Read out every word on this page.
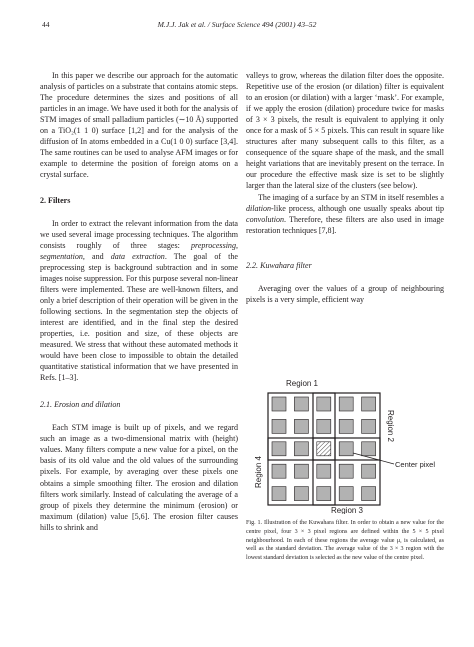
44	M.J.J. Jak et al. / Surface Science 494 (2001) 43–52

In this paper we describe our approach for the automatic analysis of particles on a substrate that contains atomic steps. The procedure determines the sizes and positions of all particles in an image. We have used it both for the analysis of STM images of small palladium particles (∼10 Å) supported on a TiO₂(1 1 0) surface [1,2] and for the analysis of the diffusion of In atoms embedded in a Cu(1 0 0) surface [3,4]. The same routines can be used to analyse AFM images or for example to determine the position of foreign atoms on a crystal surface.

2. Filters

In order to extract the relevant information from the data we used several image processing techniques. The algorithm consists roughly of three stages: preprocessing, segmentation, and data extraction. The goal of the preprocessing step is background subtraction and in some images noise suppression. For this purpose several non-linear filters were implemented. These are well-known filters, and only a brief description of their operation will be given in the following sections. In the segmentation step the objects of interest are identified, and in the final step the desired properties, i.e. position and size, of these objects are measured. We stress that without these automated methods it would have been close to impossible to obtain the detailed quantitative statistical information that we have presented in Refs. [1–3].

2.1. Erosion and dilation

Each STM image is built up of pixels, and we regard such an image as a two-dimensional matrix with (height) values. Many filters compute a new value for a pixel, on the basis of its old value and the old values of the surrounding pixels. For example, by averaging over these pixels one obtains a simple smoothing filter. The erosion and dilation filters work similarly. Instead of calculating the average of a group of pixels they determine the minimum (erosion) or maximum (dilation) value [5,6]. The erosion filter causes hills to shrink and

valleys to grow, whereas the dilation filter does the opposite. Repetitive use of the erosion (or dilation) filter is equivalent to an erosion (or dilation) with a larger ‘mask’. For example, if we apply the erosion (dilation) procedure twice for masks of 3 × 3 pixels, the result is equivalent to applying it only once for a mask of 5 × 5 pixels. This can result in square like structures after many subsequent calls to this filter, as a consequence of the square shape of the mask, and the small height variations that are inevitably present on the terrace. In our procedure the effective mask size is set to be slightly larger than the lateral size of the clusters (see below).

The imaging of a surface by an STM in itself resembles a dilation-like process, although one usually speaks about tip convolution. Therefore, these filters are also used in image restoration techniques [7,8].

2.2. Kuwahara filter

Averaging over the values of a group of neighbouring pixels is a very simple, efficient way

Region 1
Region 3
Region 2
Region 4	Center pixel

Fig. 1. Illustration of the Kuwahara filter. In order to obtain a new value for the centre pixel, four 3 × 3 pixel regions are defined within the 5 × 5 pixel neighbourhood. In each of these regions the average value μ, is calculated, as well as the standard deviation. The average value of the 3 × 3 region with the lowest standard deviation is selected as the new value of the centre pixel.
